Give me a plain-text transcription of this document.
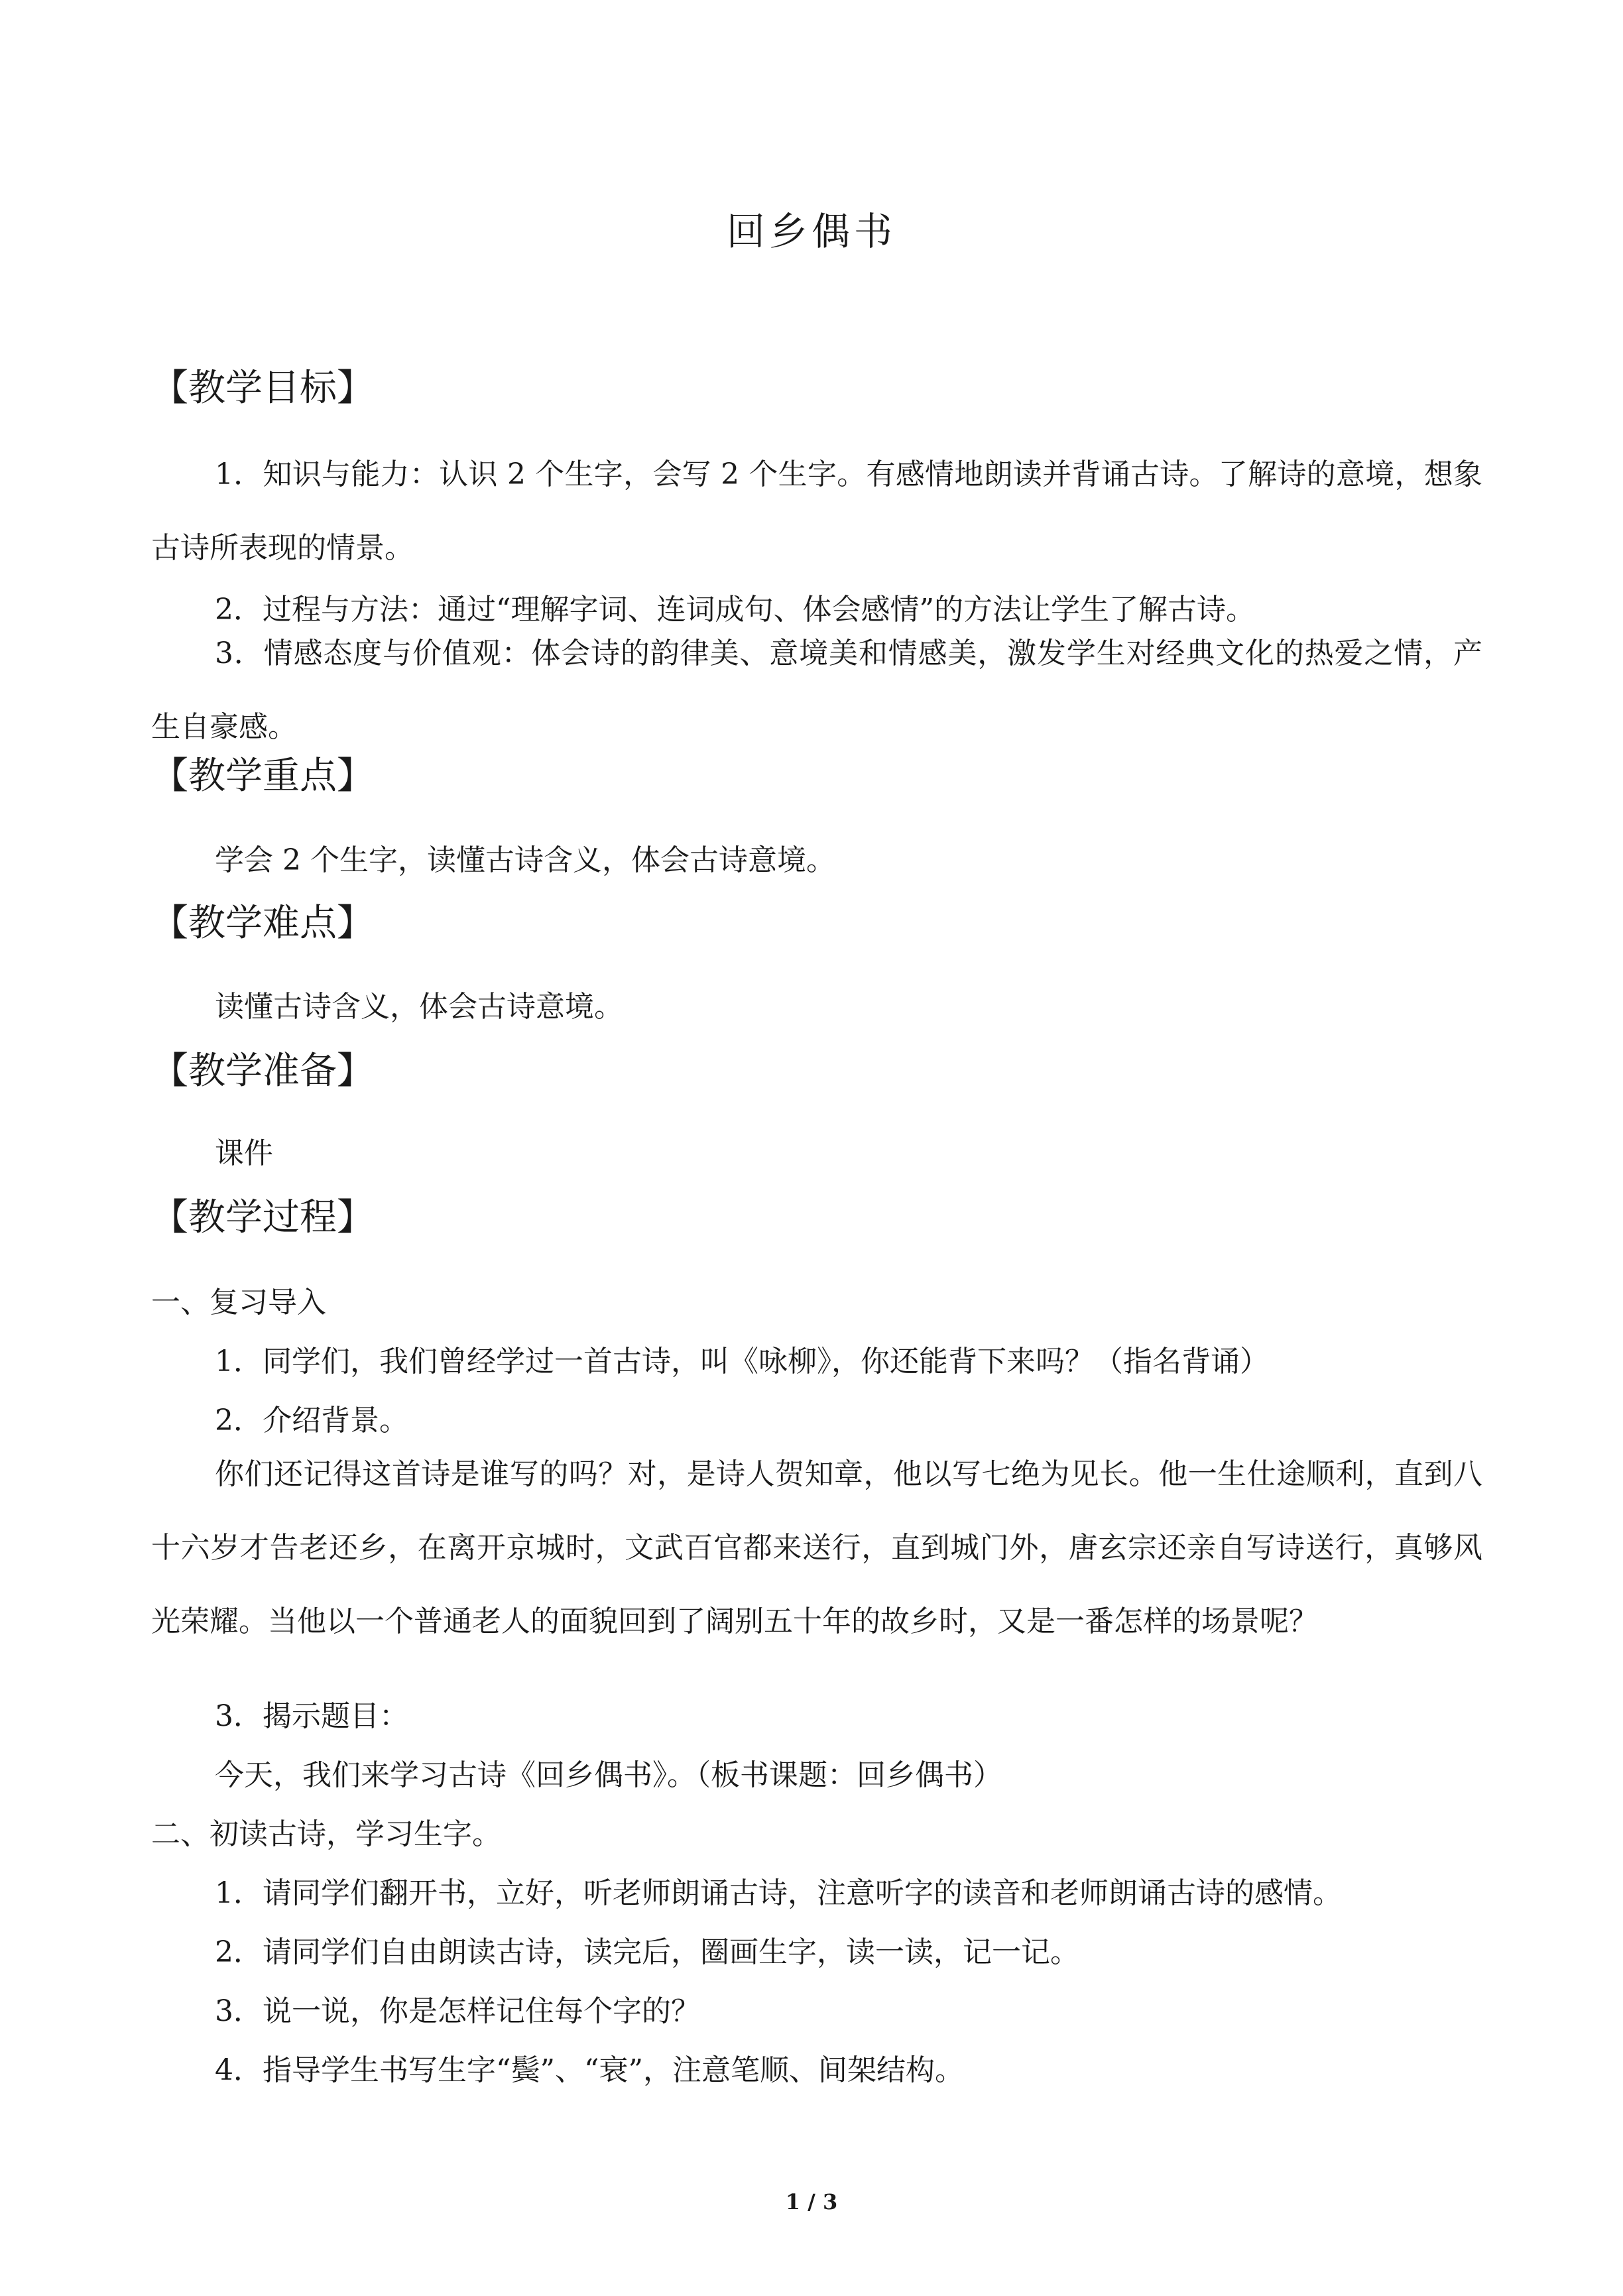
回乡偶书
【教学目标】

1．知识与能力：认识 2 个生字，会写 2 个生字。有感情地朗读并背诵古诗。了解诗的意境，想象古诗所表现的情景。

2．过程与方法：通过“理解字词、连词成句、体会感情”的方法让学生了解古诗。

3．情感态度与价值观：体会诗的韵律美、意境美和情感美，激发学生对经典文化的热爱之情，产生自豪感。

【教学重点】

学会 2 个生字，读懂古诗含义，体会古诗意境。

【教学难点】

读懂古诗含义，体会古诗意境。

【教学准备】

课件

【教学过程】

一、复习导入

1．同学们，我们曾经学过一首古诗，叫《咏柳》，你还能背下来吗？（指名背诵）

2．介绍背景。

你们还记得这首诗是谁写的吗？对，是诗人贺知章，他以写七绝为见长。他一生仕途顺利，直到八十六岁才告老还乡，在离开京城时，文武百官都来送行，直到城门外，唐玄宗还亲自写诗送行，真够风光荣耀。当他以一个普通老人的面貌回到了阔别五十年的故乡时，又是一番怎样的场景呢？

3．揭示题目：

今天，我们来学习古诗《回乡偶书》。（板书课题：回乡偶书）

二、初读古诗，学习生字。

1．请同学们翻开书，立好，听老师朗诵古诗，注意听字的读音和老师朗诵古诗的感情。

2．请同学们自由朗读古诗，读完后，圈画生字，读一读，记一记。

3．说一说，你是怎样记住每个字的？

4．指导学生书写生字“鬓”、“衰”，注意笔顺、间架结构。

1 / 3
